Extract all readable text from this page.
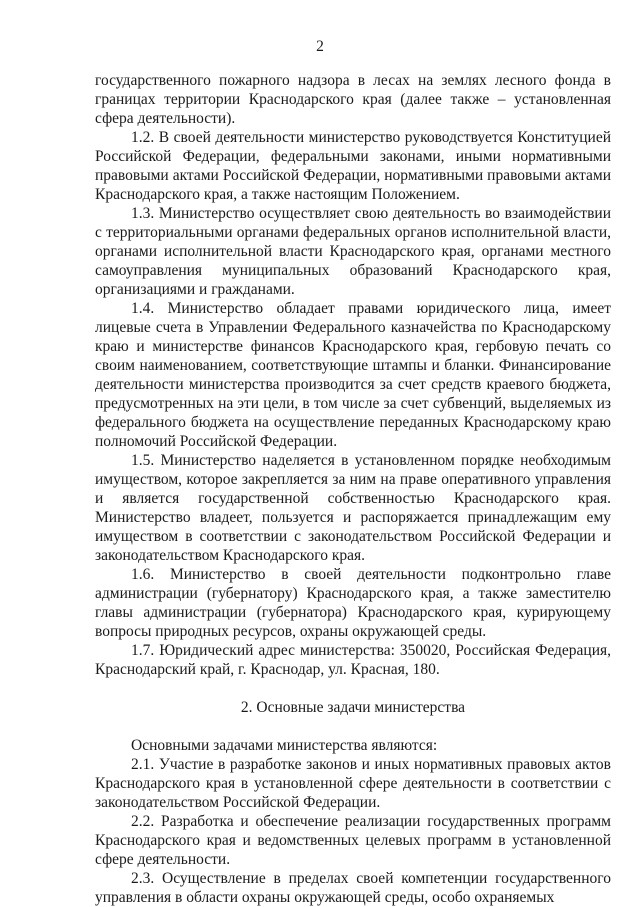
2

государственного пожарного надзора в лесах на землях лесного фонда в границах территории Краснодарского края (далее также – установленная сфера деятельности).

1.2. В своей деятельности министерство руководствуется Конституцией Российской Федерации, федеральными законами, иными нормативными правовыми актами Российской Федерации, нормативными правовыми актами Краснодарского края, а также настоящим Положением.

1.3. Министерство осуществляет свою деятельность во взаимодействии с территориальными органами федеральных органов исполнительной власти, органами исполнительной власти Краснодарского края, органами местного самоуправления муниципальных образований Краснодарского края, организациями и гражданами.

1.4. Министерство обладает правами юридического лица, имеет лицевые счета в Управлении Федерального казначейства по Краснодарскому краю и министерстве финансов Краснодарского края, гербовую печать со своим наименованием, соответствующие штампы и бланки. Финансирование деятельности министерства производится за счет средств краевого бюджета, предусмотренных на эти цели, в том числе за счет субвенций, выделяемых из федерального бюджета на осуществление переданных Краснодарскому краю полномочий Российской Федерации.

1.5. Министерство наделяется в установленном порядке необходимым имуществом, которое закрепляется за ним на праве оперативного управления и является государственной собственностью Краснодарского края. Министерство владеет, пользуется и распоряжается принадлежащим ему имуществом в соответствии с законодательством Российской Федерации и законодательством Краснодарского края.

1.6. Министерство в своей деятельности подконтрольно главе администрации (губернатору) Краснодарского края, а также заместителю главы администрации (губернатора) Краснодарского края, курирующему вопросы природных ресурсов, охраны окружающей среды.

1.7. Юридический адрес министерства: 350020, Российская Федерация, Краснодарский край, г. Краснодар, ул. Красная, 180.

2. Основные задачи министерства

Основными задачами министерства являются:

2.1. Участие в разработке законов и иных нормативных правовых актов Краснодарского края в установленной сфере деятельности в соответствии с законодательством Российской Федерации.

2.2. Разработка и обеспечение реализации государственных программ Краснодарского края и ведомственных целевых программ в установленной сфере деятельности.

2.3. Осуществление в пределах своей компетенции государственного управления в области охраны окружающей среды, особо охраняемых
